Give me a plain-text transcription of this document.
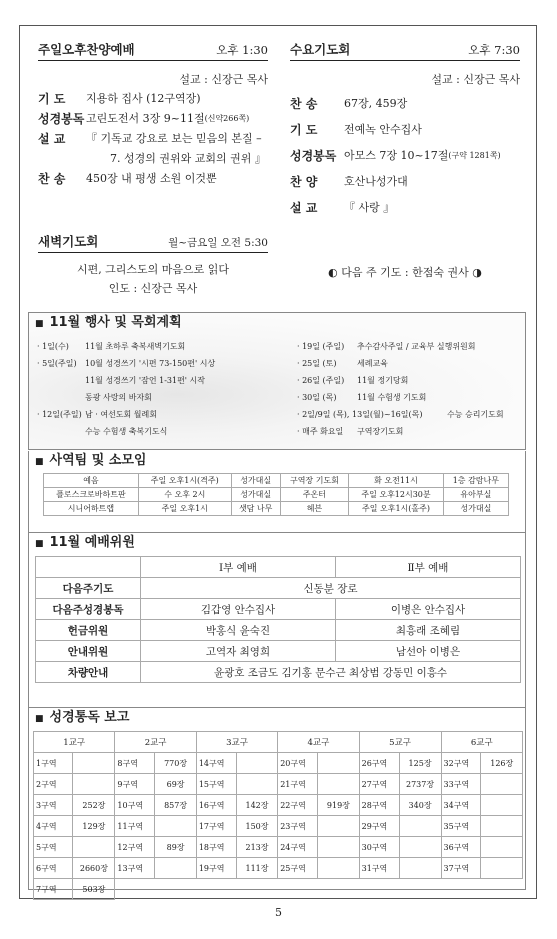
주일오후찬양예배	오후 1:30
설교 : 신장근 목사
기 도	지용하 집사 (12구역장)
성경봉독 고린도전서 3장 9~11절 (신약266쪽)
설 교	『 기독교 강요로 보는 믿음의 본질 –
7. 성경의 권위와 교회의 권위 』
찬 송	450장 내 평생 소원 이것뿐
새벽기도회	월~금요일 오전 5:30
시편, 그리스도의 마음으로 읽다
인도 : 신장근 목사
수요기도회	오후 7:30
설교 : 신장근 목사
찬 송	67장, 459장
기 도	전예녹 안수집사
성경봉독 아모스 7장 10~17절 (구약 1281쪽)
찬 양	호산나성가대
설 교	『 사랑 』
◐ 다음 주 기도 : 한점숙 권사 ◑
■ 11월 행사 및 목회계획
· 1일(수) 11월 초하루 축복새벽기도회
· 5일(주일) 10월 성경쓰기 '시편 73-150편' 시상
11월 성경쓰기 '잠언 1-31편' 시작
동광 사랑의 바자회
· 12일(주일) 남 · 여선도회 월례회
수능 수험생 축복기도식
· 19일 (주일) 추수감사주일 / 교육부 실행위원회
· 25일 (토)	세례교육
· 26일 (주일) 11월 정기당회
· 30일 (목)	11월 수험생 기도회
· 2일/9일 (목), 13일(월)~16일(목)	수능 승리기도회
· 매주 화요일 구역장기도회
■ 사역팀 및 소모임
예음	주일 오후1시(격주)	성가대실	구역장 기도회	화 오전11시	1층 감람나무
플로스크로바하트판	수 오후 2시	성가대실	주온터	주일 오후12시30분	유아부실
시니어하트랩	주일 오후1시	샛담 나무	헤븐	주일 오후1시(홀주)	성가대실
■ 11월 예배위원
	Ⅰ부 예배	Ⅱ부 예배
다음주기도	신동분 장로	
다음주성경봉독	김갑영 안수집사	이병은 안수집사
헌금위원	박홍식 윤숙진	최흥래 조혜림
안내위원	고역자 최영희	남선아 이병은
차량안내	윤광호 조금도 김기홍 문수근 최상범 강동민 이흥수	
■ 성경통독 보고
1교구		2교구		3교구		4교구		5교구		6교구	
1구역		8구역	770장	14구역		20구역		26구역	125장	32구역	126장
2구역		9구역	69장	15구역		21구역		27구역	2737장	33구역	
3구역	252장	10구역	857장	16구역	142장	22구역	919장	28구역	340장	34구역	
4구역	129장	11구역		17구역	150장	23구역		29구역		35구역	
5구역		12구역	89장	18구역	213장	24구역		30구역		36구역	
6구역	2660장	13구역		19구역	111장	25구역		31구역		37구역	
7구역	503장										
5
